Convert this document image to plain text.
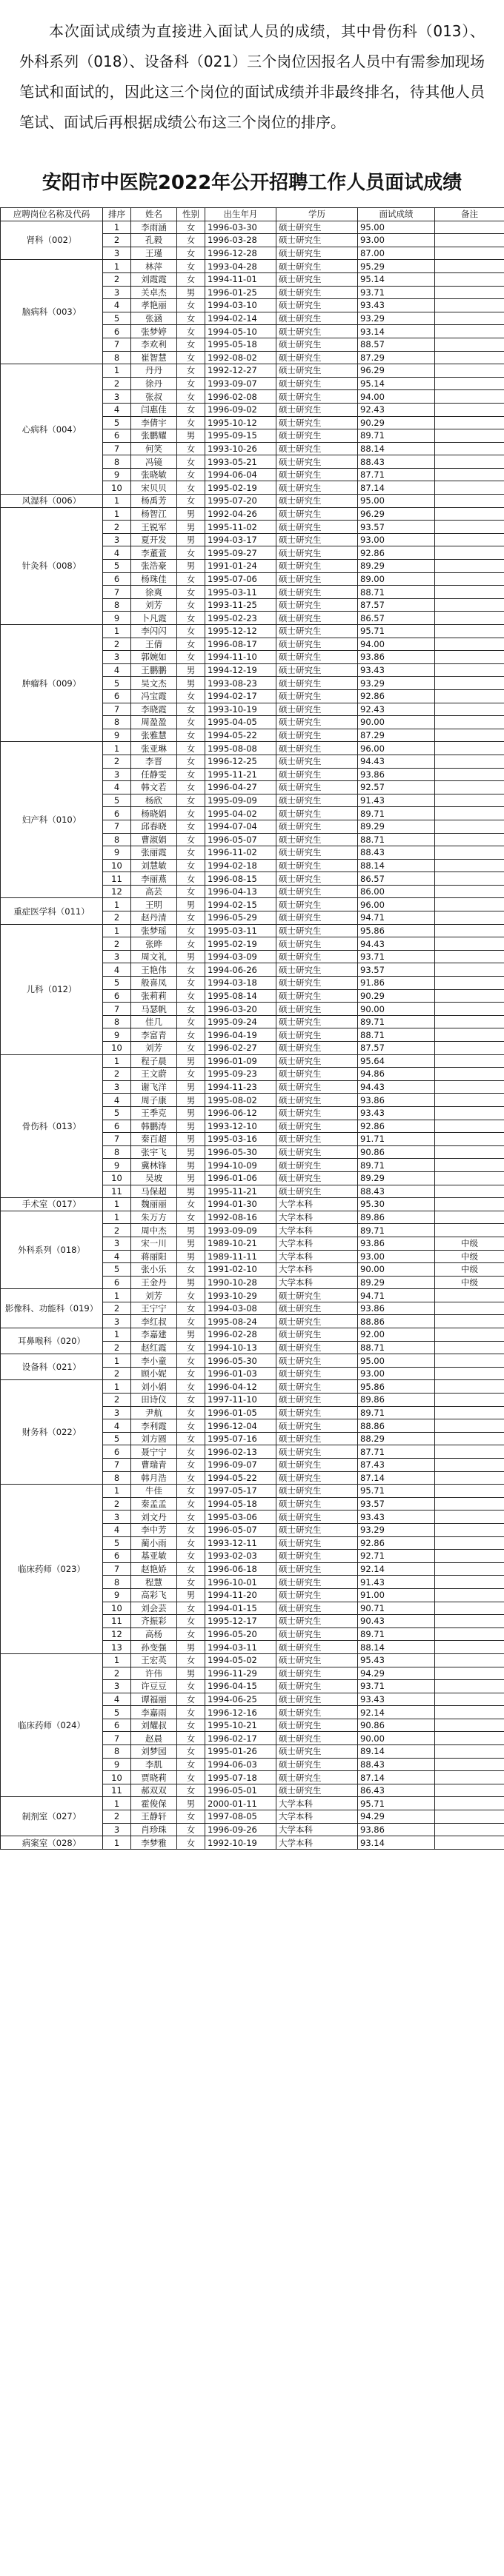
本次面试成绩为直接进入面试人员的成绩，其中骨伤科（013）、外科系列（018）、设备科（021）三个岗位因报名人员中有需参加现场笔试和面试的，因此这三个岗位的面试成绩并非最终排名，待其他人员笔试、面试后再根据成绩公布这三个岗位的排序。
安阳市中医院2022年公开招聘工作人员面试成绩
应聘岗位名称及代码	排序	姓名	性别	出生年月	学历	面试成绩	备注
肾科（002）	1	李雨涵	女	1996-03-30	硕士研究生	95.00	
	2	孔毅	女	1996-03-28	硕士研究生	93.00	
	3	王瑾	女	1996-12-28	硕士研究生	87.00	
脑病科（003）	1	林萍	女	1993-04-28	硕士研究生	95.29	
	2	刘霞霞	女	1994-11-01	硕士研究生	95.14	
	3	关卓杰	男	1996-01-25	硕士研究生	93.71	
	4	孝艳丽	女	1994-03-10	硕士研究生	93.43	
	5	张涵	女	1994-02-14	硕士研究生	93.29	
	6	张梦婷	女	1994-05-10	硕士研究生	93.14	
	7	李欢利	女	1995-05-18	硕士研究生	88.57	
	8	崔智慧	女	1992-08-02	硕士研究生	87.29	
心病科（004）	1	丹丹	女	1992-12-27	硕士研究生	96.29	
	2	徐丹	女	1993-09-07	硕士研究生	95.14	
	3	张叔	女	1996-02-08	硕士研究生	94.00	
	4	闫惠佳	女	1996-09-02	硕士研究生	92.43	
	5	李倩宇	女	1995-10-12	硕士研究生	90.29	
	6	张鹏耀	男	1995-09-15	硕士研究生	89.71	
	7	何笑	女	1993-10-26	硕士研究生	88.14	
	8	冯镜	女	1993-05-21	硕士研究生	88.43	
	9	张晓敏	女	1994-06-04	硕士研究生	87.71	
	10	宋贝贝	女	1995-02-19	硕士研究生	87.14	
风湿科（006）	1	杨禹芳	女	1995-07-20	硕士研究生	95.00	
针灸科（008）	1	杨智江	男	1992-04-26	硕士研究生	96.29	
	2	王锐军	男	1995-11-02	硕士研究生	93.57	
	3	夏开发	男	1994-03-17	硕士研究生	93.00	
	4	李董萱	女	1995-09-27	硕士研究生	92.86	
	5	张浩豪	男	1991-01-24	硕士研究生	89.29	
	6	杨珠佳	女	1995-07-06	硕士研究生	89.00	
	7	徐爽	女	1995-03-11	硕士研究生	88.71	
	8	刘芳	女	1993-11-25	硕士研究生	87.57	
	9	卜凡霞	女	1995-02-23	硕士研究生	86.57	
肿瘤科（009）	1	李闪闪	女	1995-12-12	硕士研究生	95.71	
	2	王倩	女	1996-08-17	硕士研究生	94.00	
	3	郭婉如	女	1994-11-10	硕士研究生	93.86	
	4	王鹏鹏	男	1994-12-19	硕士研究生	93.43	
	5	吴文杰	男	1993-08-23	硕士研究生	93.29	
	6	冯宝霞	女	1994-02-17	硕士研究生	92.86	
	7	李晓霞	女	1993-10-19	硕士研究生	92.43	
	8	周盈盈	女	1995-04-05	硕士研究生	90.00	
	9	张雅慧	女	1994-05-22	硕士研究生	87.29	
妇产科（010）	1	张亚琳	女	1995-08-08	硕士研究生	96.00	
	2	李晋	女	1996-12-25	硕士研究生	94.43	
	3	任静雯	女	1995-11-21	硕士研究生	93.86	
	4	韩文若	女	1996-04-27	硕士研究生	92.57	
	5	杨欣	女	1995-09-09	硕士研究生	91.43	
	6	杨晓娟	女	1995-04-02	硕士研究生	89.71	
	7	邱春晓	女	1994-07-04	硕士研究生	89.29	
	8	曹淑娟	女	1996-05-07	硕士研究生	88.71	
	9	张丽霞	女	1996-11-02	硕士研究生	88.43	
	10	刘慧敏	女	1994-02-18	硕士研究生	88.14	
	11	李丽燕	女	1996-08-15	硕士研究生	86.57	
	12	高芸	女	1996-04-13	硕士研究生	86.00	
重症医学科（011）	1	王明	男	1994-02-15	硕士研究生	96.00	
	2	赵丹清	女	1996-05-29	硕士研究生	94.71	
儿科（012）	1	张梦瑶	女	1995-03-11	硕士研究生	95.86	
	2	张晔	女	1995-02-19	硕士研究生	94.43	
	3	周文礼	男	1994-03-09	硕士研究生	93.71	
	4	王艳伟	女	1994-06-26	硕士研究生	93.57	
	5	般喜凤	女	1994-03-18	硕士研究生	91.86	
	6	张莉莉	女	1995-08-14	硕士研究生	90.29	
	7	马瑟帆	女	1996-03-20	硕士研究生	90.00	
	8	佳几	女	1995-09-24	硕士研究生	89.71	
	9	李富青	女	1996-04-19	硕士研究生	88.71	
	10	刘芳	女	1996-02-27	硕士研究生	87.57	
骨伤科（013）	1	程子晨	男	1996-01-09	硕士研究生	95.64	
	2	王文蔚	女	1995-09-23	硕士研究生	94.86	
	3	谢飞洋	男	1994-11-23	硕士研究生	94.43	
	4	周子康	男	1995-08-02	硕士研究生	93.86	
	5	王季克	男	1996-06-12	硕士研究生	93.43	
	6	韩鹏涛	男	1993-12-10	硕士研究生	92.86	
	7	秦百超	男	1995-03-16	硕士研究生	91.71	
	8	张宇飞	男	1996-05-30	硕士研究生	90.86	
	9	冀林锋	男	1994-10-09	硕士研究生	89.71	
	10	吴坡	男	1996-01-06	硕士研究生	89.29	
	11	马保超	男	1995-11-21	硕士研究生	88.43	
手术室（017）	1	魏丽丽	女	1994-01-30	大学本科	95.30	
外科系列（018）	1	朱万方	女	1992-08-16	大学本科	89.86	
	2	周中杰	男	1993-09-09	大学本科	89.71	
	3	宋一川	男	1989-10-21	大学本科	93.86	中级
	4	蒋丽阳	男	1989-11-11	大学本科	93.00	中级
	5	张小乐	女	1991-02-10	大学本科	90.00	中级
	6	王金丹	男	1990-10-28	大学本科	89.29	中级
影像科、功能科（019）	1	刘芳	女	1993-10-29	硕士研究生	94.71	
	2	王宁宁	女	1994-03-08	硕士研究生	93.86	
	3	李红叔	女	1995-08-24	硕士研究生	88.86	
耳鼻喉科（020）	1	李嘉建	男	1996-02-28	硕士研究生	92.00	
	2	赵红霞	女	1994-10-13	硕士研究生	88.71	
设备科（021）	1	李小童	女	1996-05-30	硕士研究生	95.00	
	2	顾小妮	女	1996-01-03	硕士研究生	93.00	
财务科（022）	1	刘小娟	女	1996-04-12	硕士研究生	95.86	
	2	田诗仪	女	1997-11-10	硕士研究生	89.86	
	3	尹航	女	1996-01-05	硕士研究生	89.71	
	4	李利霞	女	1996-12-04	硕士研究生	88.86	
	5	刘方圆	女	1995-07-16	硕士研究生	88.29	
	6	聂宁宁	女	1996-02-13	硕士研究生	87.71	
	7	曹瑞青	女	1996-09-07	硕士研究生	87.43	
	8	韩月浩	女	1994-05-22	硕士研究生	87.14	
临床药师（023）	1	牛佳	女	1997-05-17	硕士研究生	95.71	
	2	秦孟孟	女	1994-05-18	硕士研究生	93.57	
	3	刘文丹	女	1995-03-06	硕士研究生	93.43	
	4	李中芳	女	1996-05-07	硕士研究生	93.29	
	5	蔺小雨	女	1993-12-11	硕士研究生	92.86	
	6	基亚敏	女	1993-02-03	硕士研究生	92.71	
	7	赵艳娇	女	1996-06-18	硕士研究生	92.14	
	8	程慧	女	1996-10-01	硕士研究生	91.43	
	9	高彩飞	男	1994-11-20	硕士研究生	91.00	
	10	刘会芸	女	1994-01-15	硕士研究生	90.71	
	11	齐振彩	女	1995-12-17	硕士研究生	90.43	
	12	高杨	女	1996-05-20	硕士研究生	89.71	
	13	孙变强	男	1994-03-11	硕士研究生	88.14	
临床药师（024）	1	王宏英	女	1994-05-02	硕士研究生	95.43	
	2	许伟	男	1996-11-29	硕士研究生	94.29	
	3	许豆豆	女	1996-04-15	硕士研究生	93.71	
	4	谭福丽	女	1994-06-25	硕士研究生	93.43	
	5	李嘉雨	女	1996-12-16	硕士研究生	92.14	
	6	刘耀叔	女	1995-10-21	硕士研究生	90.86	
	7	赵晨	女	1996-02-17	硕士研究生	90.00	
	8	刘梦园	女	1995-01-26	硕士研究生	89.14	
	9	李肌	女	1994-06-03	硕士研究生	88.43	
	10	贾晓莉	女	1995-07-18	硕士研究生	87.14	
	11	郝双双	女	1996-05-01	硕士研究生	86.43	
制剂室（027）	1	霍俊保	男	2000-01-11	大学本科	95.71	
	2	王静轩	女	1997-08-05	大学本科	94.29	
	3	肖珍珠	女	1996-09-26	大学本科	93.86	
病案室（028）	1	李梦雅	女	1992-10-19	大学本科	93.14	
